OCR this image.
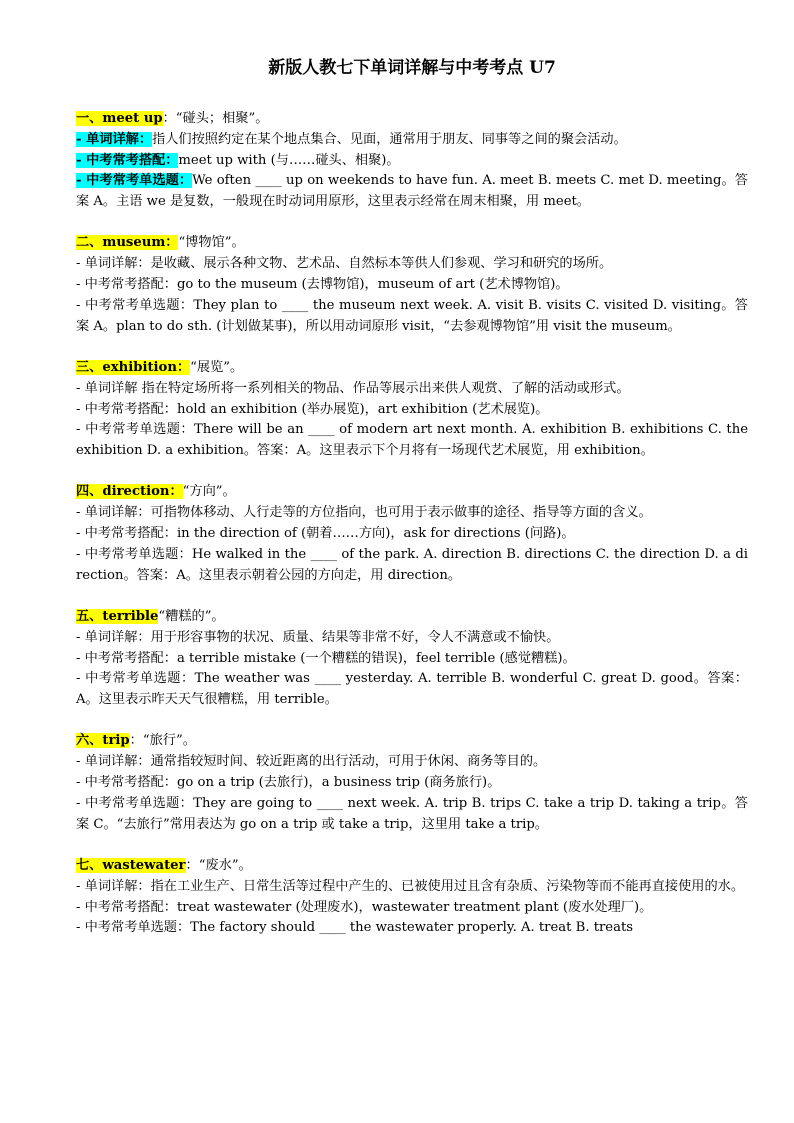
新版人教七下单词详解与中考考点 U7
一、meet up：“碰头；相聚”。
- 单词详解：指人们按照约定在某个地点集合、见面，通常用于朋友、同事等之间的聚会活动。
- 中考常考搭配：meet up with (与……碰头、相聚)。
- 中考常考单选题：We often ____ up on weekends to have fun. A. meet B. meets C. met D. meeting。答案 A。主语 we 是复数，一般现在时动词用原形，这里表示经常在周末相聚，用 meet。
二、museum：“博物馆”。
- 单词详解：是收藏、展示各种文物、艺术品、自然标本等供人们参观、学习和研究的场所。
- 中考常考搭配：go to the museum (去博物馆)，museum of art (艺术博物馆)。
- 中考常考单选题：They plan to ____ the museum next week. A. visit B. visits C. visited D. visiting。答案 A。plan to do sth. (计划做某事)，所以用动词原形 visit，“去参观博物馆”用 visit the museum。
三、exhibition：“展览”。
- 单词详解 指在特定场所将一系列相关的物品、作品等展示出来供人观赏、了解的活动或形式。
- 中考常考搭配：hold an exhibition (举办展览)，art exhibition (艺术展览)。
- 中考常考单选题：There will be an ____ of modern art next month. A. exhibition B. exhibitions C. the exhibition D. a exhibition。答案：A。这里表示下个月将有一场现代艺术展览，用 exhibition。
四、direction：“方向”。
- 单词详解：可指物体移动、人行走等的方位指向，也可用于表示做事的途径、指导等方面的含义。
- 中考常考搭配：in the direction of (朝着……方向)，ask for directions (问路)。
- 中考常考单选题：He walked in the ____ of the park. A. direction B. directions C. the direction D. a direction。答案：A。这里表示朝着公园的方向走，用 direction。
五、terrible“糟糕的”。
- 单词详解：用于形容事物的状况、质量、结果等非常不好，令人不满意或不愉快。
- 中考常考搭配：a terrible mistake (一个糟糕的错误)，feel terrible (感觉糟糕)。
- 中考常考单选题：The weather was ____ yesterday. A. terrible B. wonderful C. great D. good。答案：A。这里表示昨天天气很糟糕，用 terrible。
六、trip：“旅行”。
- 单词详解：通常指较短时间、较近距离的出行活动，可用于休闲、商务等目的。
- 中考常考搭配：go on a trip (去旅行)，a business trip (商务旅行)。
- 中考常考单选题：They are going to ____ next week. A. trip B. trips C. take a trip D. taking a trip。答案 C。“去旅行”常用表达为 go on a trip 或 take a trip，这里用 take a trip。
七、wastewater：“废水”。
- 单词详解：指在工业生产、日常生活等过程中产生的、已被使用过且含有杂质、污染物等而不能再直接使用的水。
- 中考常考搭配：treat wastewater (处理废水)，wastewater treatment plant (废水处理厂)。
- 中考常考单选题：The factory should ____ the wastewater properly. A. treat B. treats
